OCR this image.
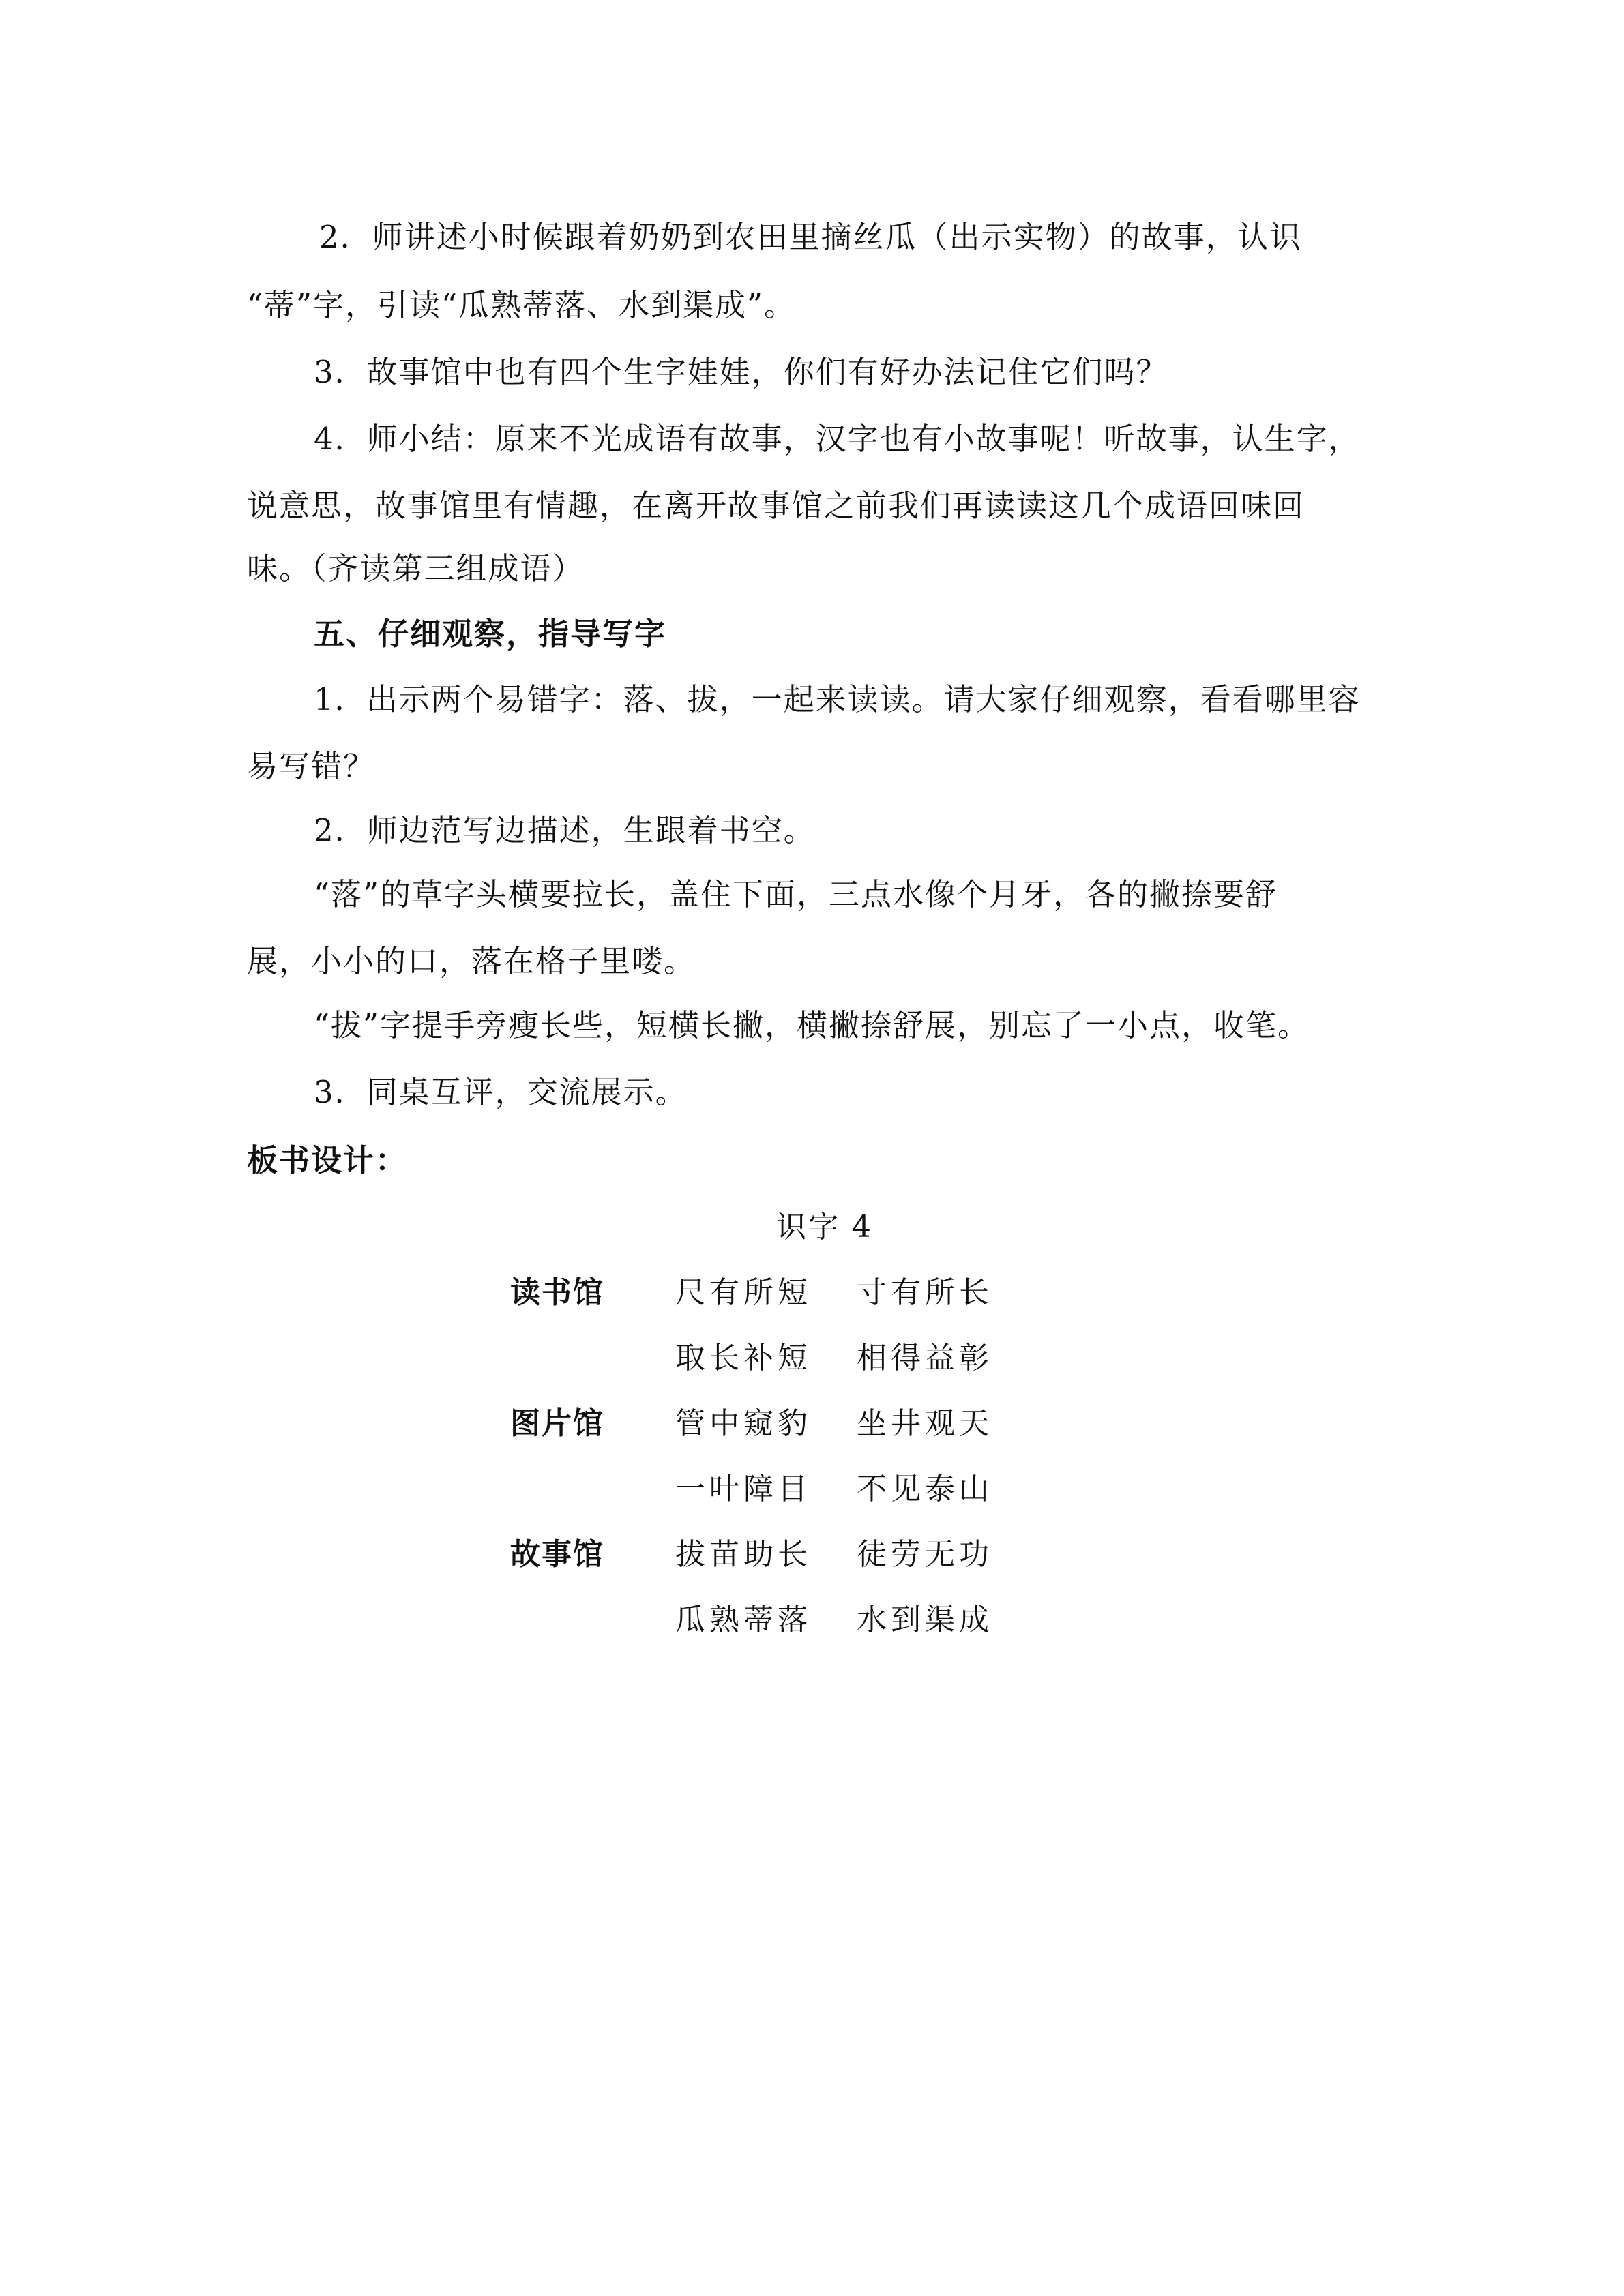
2．师讲述小时候跟着奶奶到农田里摘丝瓜（出示实物）的故事，认识
“蒂”字，引读“瓜熟蒂落、水到渠成”。
3．故事馆中也有四个生字娃娃，你们有好办法记住它们吗？
4．师小结：原来不光成语有故事，汉字也有小故事呢！听故事，认生字，
说意思，故事馆里有情趣，在离开故事馆之前我们再读读这几个成语回味回
味。（齐读第三组成语）
五、仔细观察，指导写字
1．出示两个易错字：落、拔，一起来读读。请大家仔细观察，看看哪里容
易写错？
2．师边范写边描述，生跟着书空。
“落”的草字头横要拉长，盖住下面，三点水像个月牙，各的撇捺要舒
展，小小的口，落在格子里喽。
“拔”字提手旁瘦长些，短横长撇，横撇捺舒展，别忘了一小点，收笔。
3．同桌互评，交流展示。
板书设计：
识字 4
读书馆 尺有所短 寸有所长
取长补短 相得益彰
图片馆 管中窥豹 坐井观天
一叶障目 不见泰山
故事馆 拔苗助长 徒劳无功
瓜熟蒂落 水到渠成
